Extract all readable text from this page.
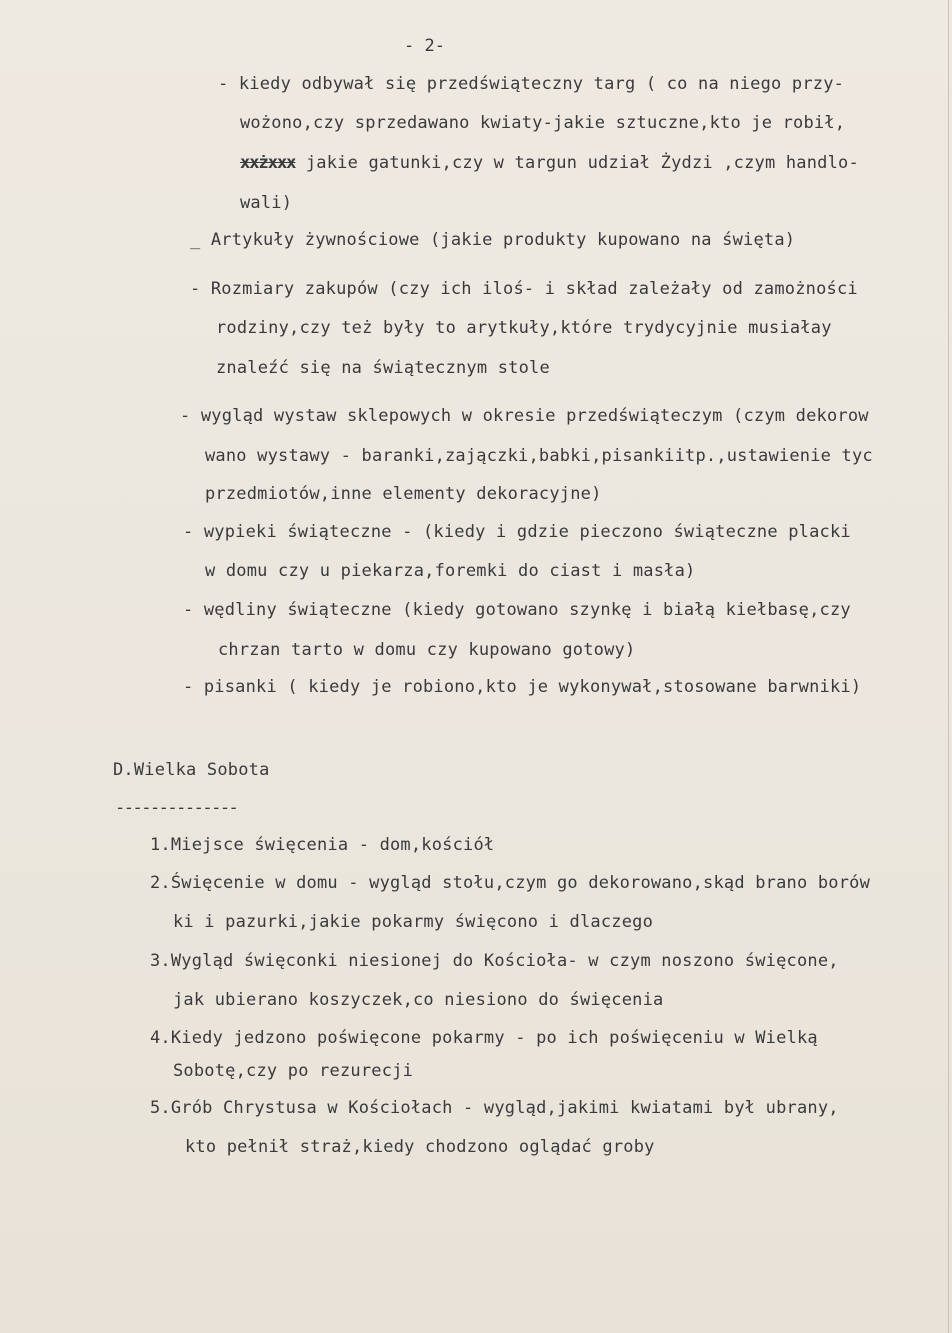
- 2-
- kiedy odbywał się przedświąteczny targ ( co na niego przy-
wożono,czy sprzedawano kwiaty-jakie sztuczne,kto je robił,
xxżxxx jakie gatunki,czy w targun udział Żydzi ,czym handlo-
wali)
_ Artykuły żywnościowe (jakie produkty kupowano na święta)
- Rozmiary zakupów (czy ich iloś- i skład zależały od zamożności
rodziny,czy też były to arytkuły,które trydycyjnie musiałay
znaleźć się na świątecznym stole
- wygląd wystaw sklepowych w okresie przedświąteczym (czym dekorow
wano wystawy - baranki,zajączki,babki,pisankiitp.,ustawienie tyc
przedmiotów,inne elementy dekoracyjne)
- wypieki świąteczne - (kiedy i gdzie pieczono świąteczne placki
w domu czy u piekarza,foremki do ciast i masła)
- wędliny świąteczne (kiedy gotowano szynkę i białą kiełbasę,czy
chrzan tarto w domu czy kupowano gotowy)
- pisanki ( kiedy je robiono,kto je wykonywał,stosowane barwniki)
D.Wielka Sobota
--------------
1.Miejsce święcenia - dom,kościół
2.Święcenie w domu - wygląd stołu,czym go dekorowano,skąd brano borów
ki i pazurki,jakie pokarmy święcono i dlaczego
3.Wygląd święconki niesionej do Kościoła- w czym noszono święcone,
jak ubierano koszyczek,co niesiono do święcenia
4.Kiedy jedzono poświęcone pokarmy - po ich poświęceniu w Wielką
Sobotę,czy po rezurecji
5.Grób Chrystusa w Kościołach - wygląd,jakimi kwiatami był ubrany,
kto pełnił straż,kiedy chodzono oglądać groby
